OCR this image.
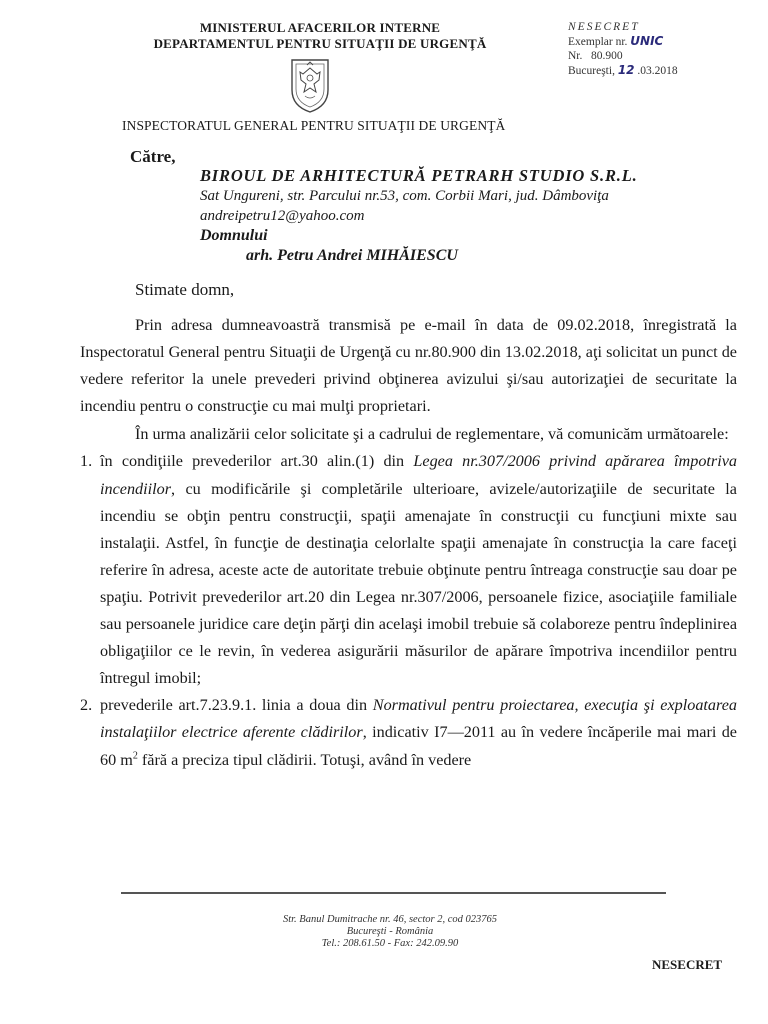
MINISTERUL AFACERILOR INTERNE
DEPARTAMENTUL PENTRU SITUAŢII DE URGENŢĂ
NESECRET
Exemplar nr. UNIC
Nr. 80.900
Bucureşti, 12 .03.2018
INSPECTORATUL GENERAL PENTRU SITUAŢII DE URGENŢĂ
Către,
BIROUL DE ARHITECTURĂ PETRARH STUDIO S.R.L.
Sat Ungureni, str. Parcului nr.53, com. Corbii Mari, jud. Dâmboviţa
andreipetru12@yahoo.com
Domnului
arh. Petru Andrei MIHĂIESCU
Stimate domn,

Prin adresa dumneavoastră transmisă pe e-mail în data de 09.02.2018, înregistrată la Inspectoratul General pentru Situaţii de Urgenţă cu nr.80.900 din 13.02.2018, aţi solicitat un punct de vedere referitor la unele prevederi privind obţinerea avizului şi/sau autorizaţiei de securitate la incendiu pentru o construcţie cu mai mulţi proprietari.

În urma analizării celor solicitate şi a cadrului de reglementare, vă comunicăm următoarele:

1. în condiţiile prevederilor art.30 alin.(1) din Legea nr.307/2006 privind apărarea împotriva incendiilor, cu modificările şi completările ulterioare, avizele/autorizaţiile de securitate la incendiu se obţin pentru construcţii, spaţii amenajate în construcţii cu funcţiuni mixte sau instalaţii. Astfel, în funcţie de destinaţia celorlalte spaţii amenajate în construcţia la care faceţi referire în adresa, aceste acte de autoritate trebuie obţinute pentru întreaga construcţie sau doar pe spaţiu. Potrivit prevederilor art.20 din Legea nr.307/2006, persoanele fizice, asociaţiile familiale sau persoanele juridice care deţin părţi din acelaşi imobil trebuie să colaboreze pentru îndeplinirea obligaţiilor ce le revin, în vederea asigurării măsurilor de apărare împotriva incendiilor pentru întregul imobil;
2. prevederile art.7.23.9.1. linia a doua din Normativul pentru proiectarea, execuţia şi exploatarea instalaţiilor electrice aferente clădirilor, indicativ I7—2011 au în vedere încăperile mai mari de 60 $m^2$ fără a preciza tipul clădirii. Totuşi, având în vedere
Str. Banul Dumitrache nr. 46, sector 2, cod 023765
Bucureşti - România
Tel.: 208.61.50 - Fax: 242.09.90
NESECRET
